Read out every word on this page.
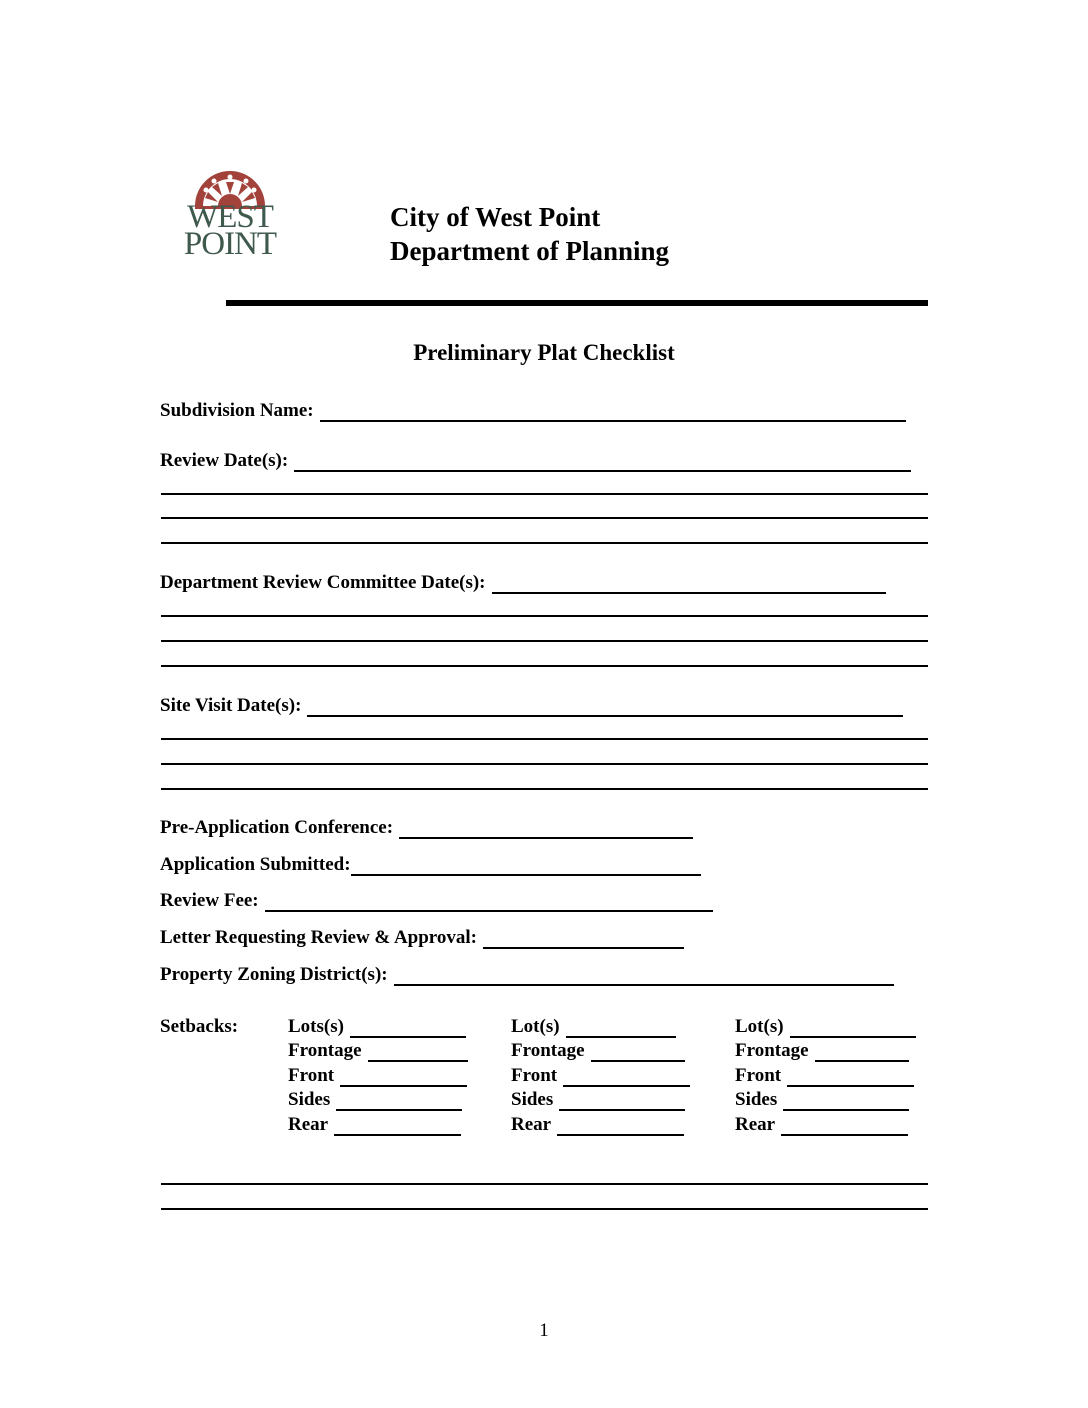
WEST
POINT
City of West Point
Department of Planning
Preliminary Plat Checklist
Subdivision Name:
Review Date(s):
Department Review Committee Date(s):
Site Visit Date(s):
Pre-Application Conference:
Application Submitted:
Review Fee:
Letter Requesting Review & Approval:
Property Zoning District(s):
Setbacks:	Lots(s)
Frontage
Front
Sides
Rear
Lot(s)
Frontage
Front
Sides
Rear
Lot(s)
Frontage
Front
Sides
Rear
1
